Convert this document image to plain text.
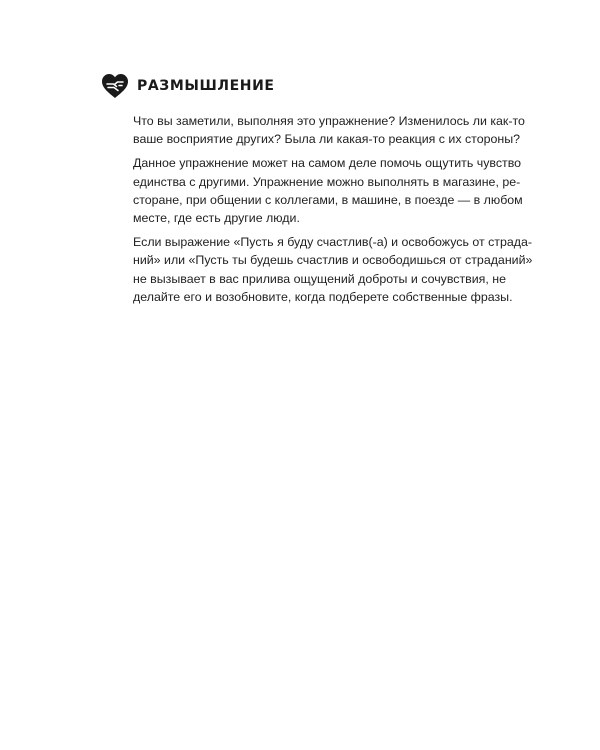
РАЗМЫШЛЕНИЕ

Что вы заметили, выполняя это упражнение? Изменилось ли как-то
ваше восприятие других? Была ли какая-то реакция с их стороны?

Данное упражнение может на самом деле помочь ощутить чувство
единства с другими. Упражнение можно выполнять в магазине, ре-
сторане, при общении с коллегами, в машине, в поезде — в любом
месте, где есть другие люди.

Если выражение «Пусть я буду счастлив(-а) и освобожусь от страда-
ний» или «Пусть ты будешь счастлив и освободишься от страданий»
не вызывает в вас прилива ощущений доброты и сочувствия, не
делайте его и возобновите, когда подберете собственные фразы.
